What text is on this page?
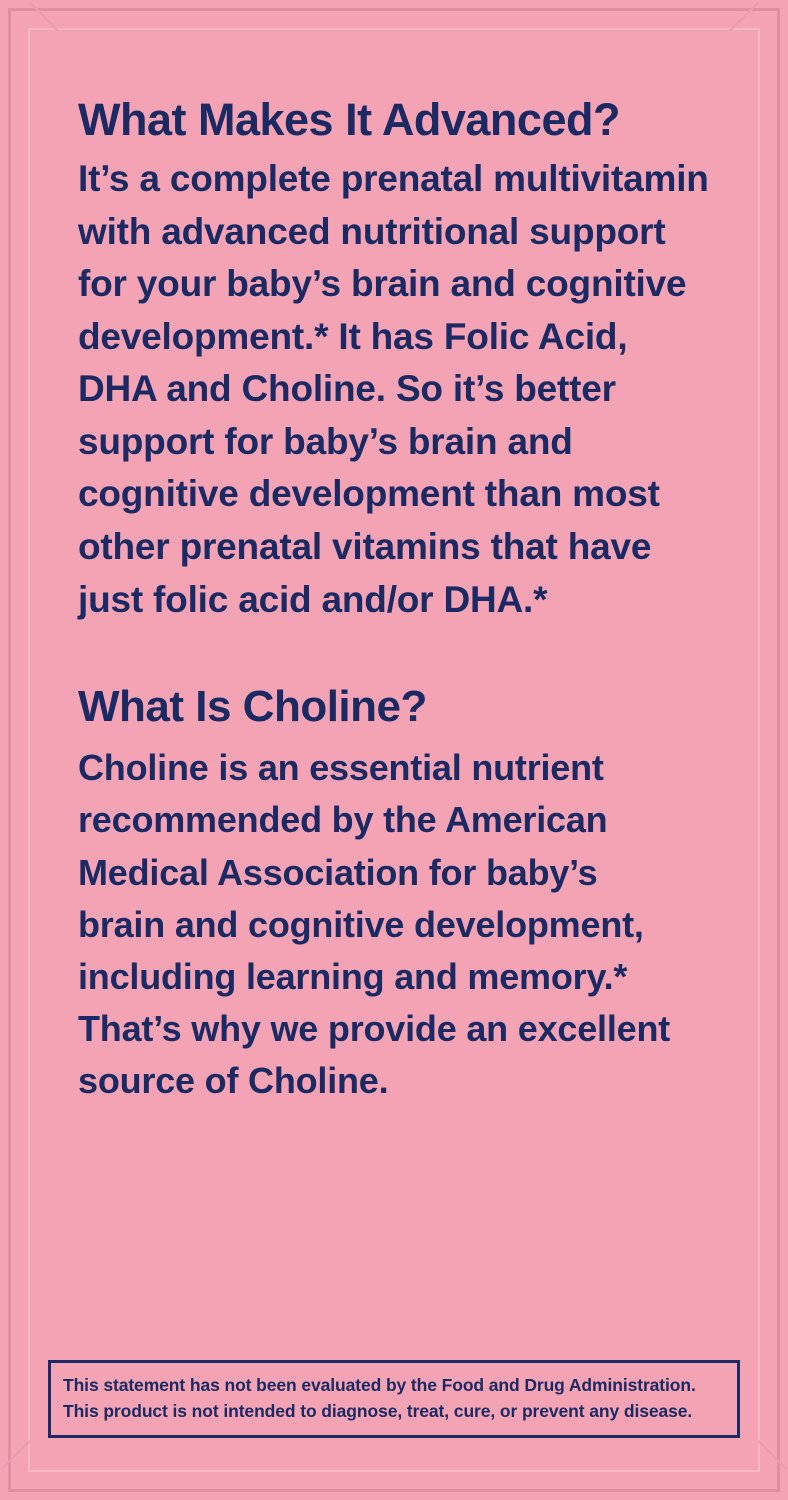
What Makes It Advanced?

It’s a complete prenatal multivitamin with advanced nutritional support for your baby’s brain and cognitive development.* It has Folic Acid, DHA and Choline. So it’s better support for baby’s brain and cognitive development than most other prenatal vitamins that have just folic acid and/or DHA.*

What Is Choline?

Choline is an essential nutrient recommended by the American Medical Association for baby’s brain and cognitive development, including learning and memory.* That’s why we provide an excellent source of Choline.

This statement has not been evaluated by the Food and Drug Administration.

This product is not intended to diagnose, treat, cure, or prevent any disease.
